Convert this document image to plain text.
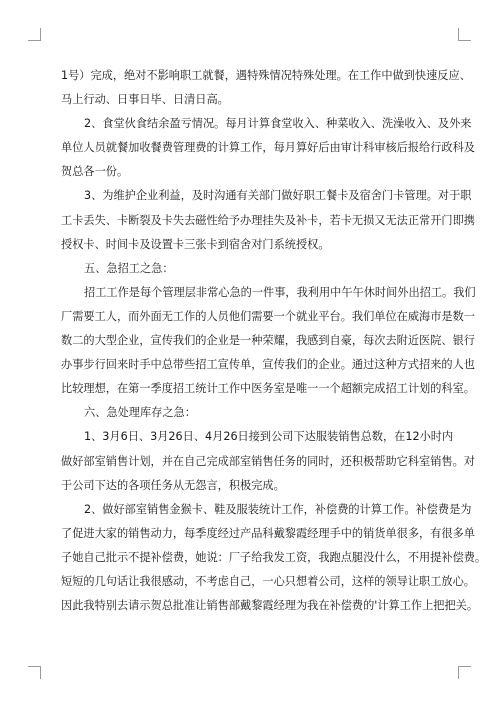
1号）完成，绝对不影响职工就餐，遇特殊情况特殊处理。在工作中做到快速反应、
马上行动、日事日毕、日清日高。
2、食堂伙食结余盈亏情况。每月计算食堂收入、种菜收入、洗澡收入、及外来
单位人员就餐加收餐费管理费的计算工作，每月算好后由审计科审核后报给行政科及
贺总各一份。
3、为维护企业利益，及时沟通有关部门做好职工餐卡及宿舍门卡管理。对于职
工卡丢失、卡断裂及卡失去磁性给予办理挂失及补卡，若卡无损又无法正常开门即携
授权卡、时间卡及设置卡三张卡到宿舍对门系统授权。
五、急招工之急：
招工工作是每个管理层非常心急的一件事，我利用中午午休时间外出招工。我们
厂需要工人，而外面无工作的人员他们需要一个就业平台。我们单位在威海市是数一
数二的大型企业，宣传我们的企业是一种荣耀，我感到自豪，每次去附近医院、银行
办事步行回来时手中总带些招工宣传单，宣传我们的企业。通过这种方式招来的人也
比较理想，在第一季度招工统计工作中医务室是唯一一个超额完成招工计划的科室。
六、急处理库存之急：
1、3月6日、3月26日、4月26日接到公司下达服装销售总数，在12小时内
做好部室销售计划，并在自己完成部室销售任务的同时，还积极帮助它科室销售。对
于公司下达的各项任务从无怨言，积极完成。
2、做好部室销售金猴卡、鞋及服装统计工作，补偿费的计算工作。补偿费是为
了促进大家的销售动力，每季度经过产品科戴黎霞经理手中的销货单很多，有很多单
子她自己批示不提补偿费，她说：厂子给我发工资，我跑点腿没什么，不用提补偿费。
短短的几句话让我很感动，不考虑自己，一心只想着公司，这样的领导让职工放心。
因此我特别去请示贺总批准让销售部戴黎霞经理为我在补偿费的'计算工作上把把关。
